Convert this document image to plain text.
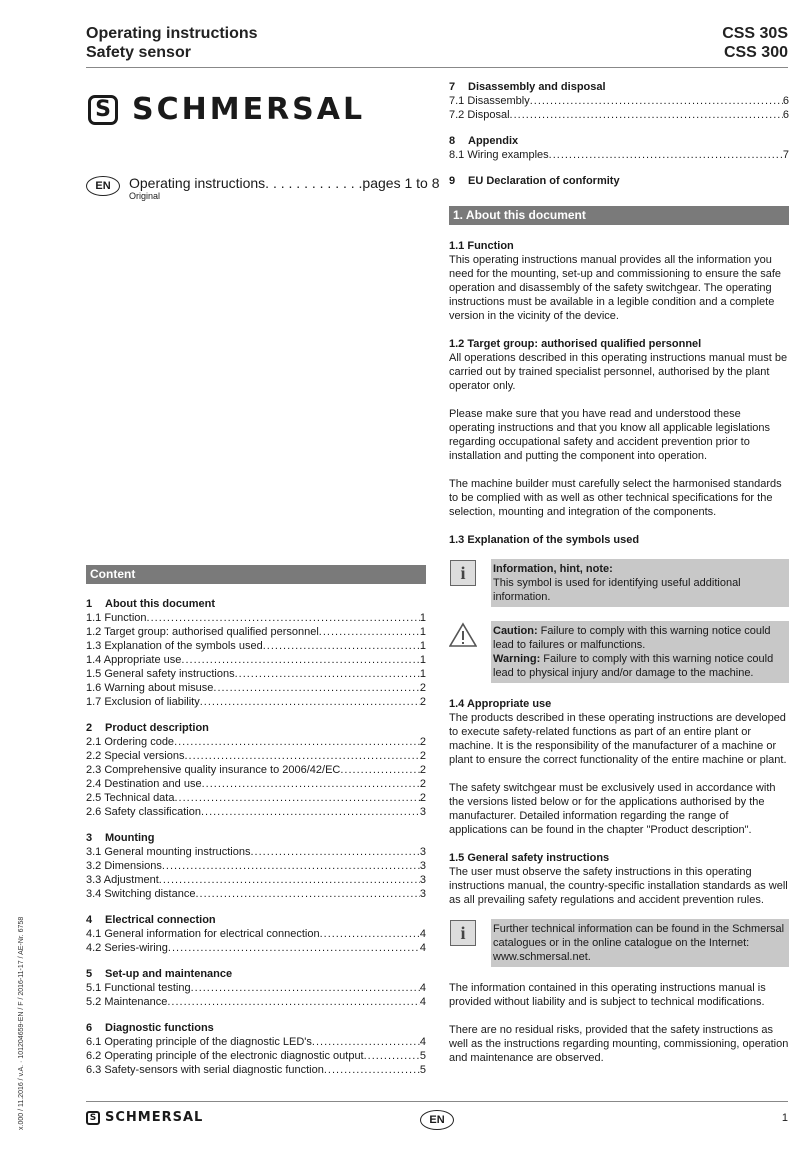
Operating instructions
Safety sensor
CSS 30S
CSS 300
S SCHMERSAL
EN	Operating instructions. . . . . . . . . . . . .pages 1 to 8
Original
Content
1	About this document
1.1 Function .....	1
1.2 Target group: authorised qualified personnel .....	1
1.3 Explanation of the symbols used .....	1
1.4 Appropriate use .....	1
1.5 General safety instructions .....	1
1.6 Warning about misuse .....	2
1.7 Exclusion of liability .....	2
2	Product description
2.1 Ordering code .....	2
2.2 Special versions .....	2
2.3 Comprehensive quality insurance to 2006/42/EC .....	2
2.4 Destination and use .....	2
2.5 Technical data .....	2
2.6 Safety classification .....	3
3	Mounting
3.1 General mounting instructions .....	3
3.2 Dimensions .....	3
3.3 Adjustment .....	3
3.4 Switching distance .....	3
4	Electrical connection
4.1 General information for electrical connection .....	4
4.2 Series-wiring .....	4
5	Set-up and maintenance
5.1 Functional testing .....	4
5.2 Maintenance .....	4
6	Diagnostic functions
6.1 Operating principle of the diagnostic LED's .....	4
6.2 Operating principle of the electronic diagnostic output .....	5
6.3 Safety-sensors with serial diagnostic function .....	5
7	Disassembly and disposal
7.1 Disassembly .....	6
7.2 Disposal .....	6
8	Appendix
8.1 Wiring examples .....	7
9	EU Declaration of conformity
1. About this document
1.1 Function
This operating instructions manual provides all the information you need for the mounting, set-up and commissioning to ensure the safe operation and disassembly of the safety switchgear. The operating instructions must be available in a legible condition and a complete version in the vicinity of the device.
1.2 Target group: authorised qualified personnel
All operations described in this operating instructions manual must be carried out by trained specialist personnel, authorised by the plant operator only.
Please make sure that you have read and understood these operating instructions and that you know all applicable legislations regarding occupational safety and accident prevention prior to installation and putting the component into operation.
The machine builder must carefully select the harmonised standards to be complied with as well as other technical specifications for the selection, mounting and integration of the components.
1.3 Explanation of the symbols used
i	Information, hint, note:
This symbol is used for identifying useful additional information.
Caution: Failure to comply with this warning notice could lead to failures or malfunctions.
Warning: Failure to comply with this warning notice could lead to physical injury and/or damage to the machine.
1.4 Appropriate use
The products described in these operating instructions are developed to execute safety-related functions as part of an entire plant or machine. It is the responsibility of the manufacturer of a machine or plant to ensure the correct functionality of the entire machine or plant.
The safety switchgear must be exclusively used in accordance with the versions listed below or for the applications authorised by the manufacturer. Detailed information regarding the range of applications can be found in the chapter "Product description".
1.5 General safety instructions
The user must observe the safety instructions in this operating instructions manual, the country-specific installation standards as well as all prevailing safety regulations and accident prevention rules.
i	Further technical information can be found in the Schmersal catalogues or in the online catalogue on the Internet: www.schmersal.net.
The information contained in this operating instructions manual is provided without liability and is subject to technical modifications.
There are no residual risks, provided that the safety instructions as well as the instructions regarding mounting, commissioning, operation and maintenance are observed.
x.000 / 11.2016 / v.A. · 101204659-EN / F / 2016-11-17 / AE-Nr. 6758	S SCHMERSAL	EN	1
